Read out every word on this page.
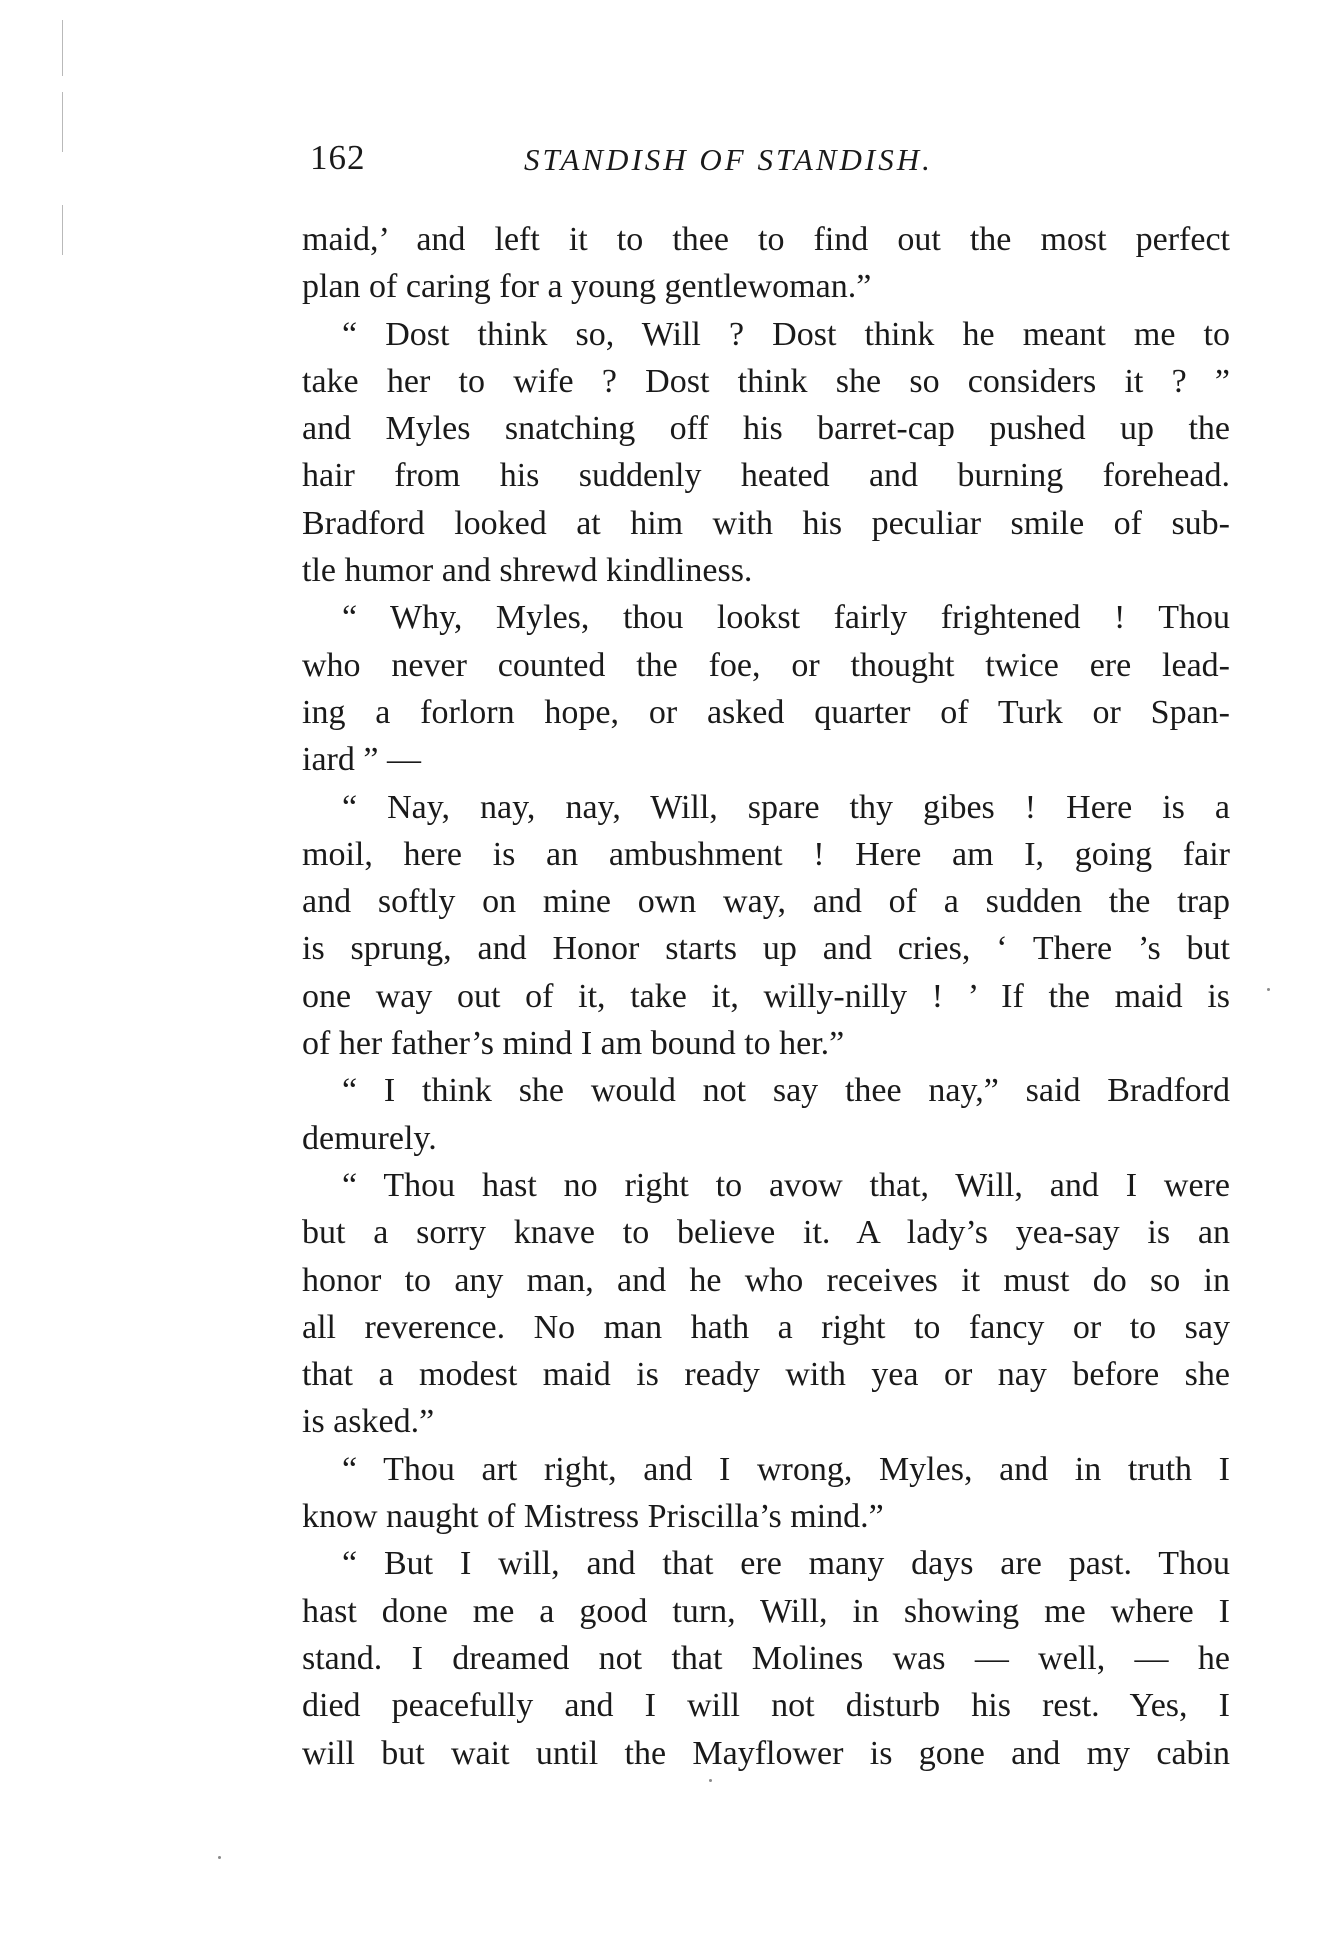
162	STANDISH OF STANDISH.
maid,’ and left it to thee to find out the most perfect
plan of caring for a young gentlewoman.”
“ Dost think so, Will ? Dost think he meant me to
take her to wife ? Dost think she so considers it ? ”
and Myles snatching off his barret-cap pushed up the
hair from his suddenly heated and burning forehead.
Bradford looked at him with his peculiar smile of sub-
tle humor and shrewd kindliness.
“ Why, Myles, thou lookst fairly frightened ! Thou
who never counted the foe, or thought twice ere lead-
ing a forlorn hope, or asked quarter of Turk or Span-
iard ” —
“ Nay, nay, nay, Will, spare thy gibes ! Here is a
moil, here is an ambushment ! Here am I, going fair
and softly on mine own way, and of a sudden the trap
is sprung, and Honor starts up and cries, ‘ There ’s but
one way out of it, take it, willy-nilly ! ’ If the maid is
of her father’s mind I am bound to her.”
“ I think she would not say thee nay,” said Bradford
demurely.
“ Thou hast no right to avow that, Will, and I were
but a sorry knave to believe it. A lady’s yea-say is an
honor to any man, and he who receives it must do so in
all reverence. No man hath a right to fancy or to say
that a modest maid is ready with yea or nay before she
is asked.”
“ Thou art right, and I wrong, Myles, and in truth I
know naught of Mistress Priscilla’s mind.”
“ But I will, and that ere many days are past. Thou
hast done me a good turn, Will, in showing me where I
stand. I dreamed not that Molines was — well, — he
died peacefully and I will not disturb his rest. Yes, I
will but wait until the Mayflower is gone and my cabin
